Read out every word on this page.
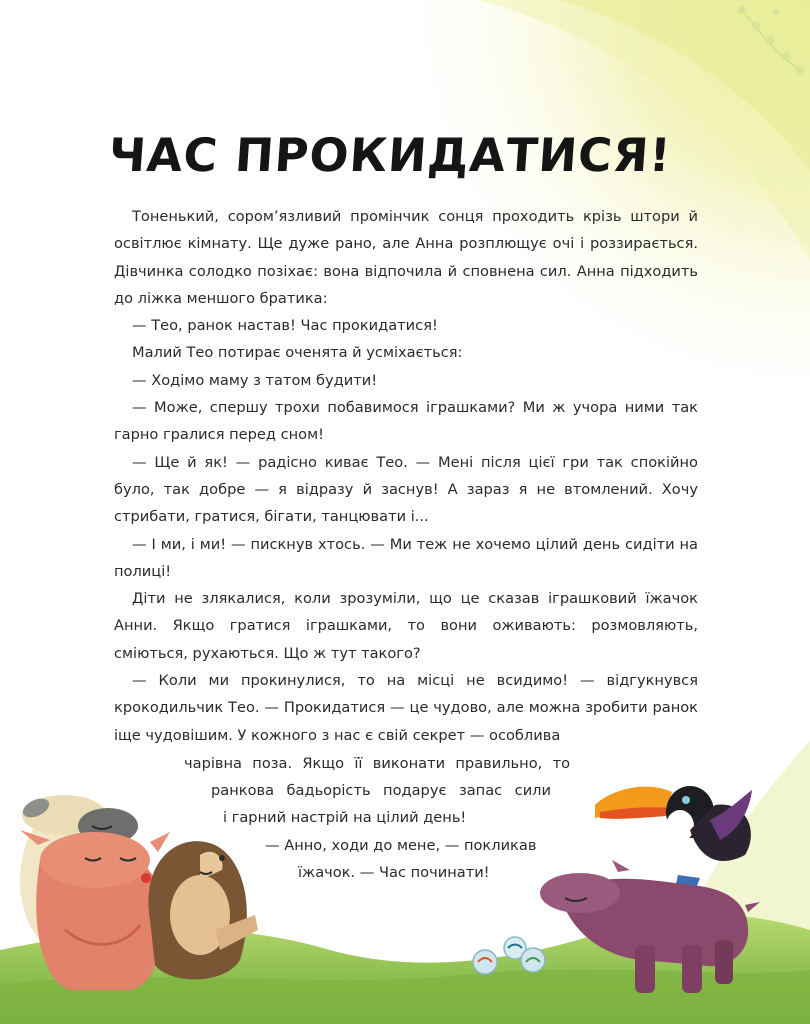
ЧАС ПРОКИДАТИСЯ!

Тоненький, сором’язливий промінчик сонця проходить крізь штори й освітлює кімнату. Ще дуже рано, але Анна розплющує очі і роззирається. Дівчинка солодко позіхає: вона відпочила й сповнена сил. Анна підходить до ліжка меншого братика:

— Тео, ранок настав! Час прокидатися!

Малий Тео потирає оченята й усміхається:

— Ходімо маму з татом будити!

— Може, спершу трохи побавимося іграшками? Ми ж учора ними так гарно гралися перед сном!

— Ще й як! — радісно киває Тео. — Мені після цієї гри так спокійно було, так добре — я відразу й заснув! А зараз я не втомлений. Хочу стрибати, гратися, бігати, танцювати і...

— І ми, і ми! — пискнув хтось. — Ми теж не хочемо цілий день сидіти на полиці!

Діти не злякалися, коли зрозуміли, що це сказав іграшковий їжачок Анни. Якщо гратися іграшками, то вони оживають: розмовляють, сміються, рухаються. Що ж тут такого?

— Коли ми прокинулися, то на місці не всидимо! — відгукнувся крокодильчик Тео. — Прокидатися — це чудово, але можна зробити ранок іще чудовішим. У кожного з нас є свій секрет — особлива

чарівна поза. Якщо її виконати правильно, то
ранкова бадьорість подарує запас сили
і гарний настрій на цілий день!
— Анно, ходи до мене, — покликав
їжачок. — Час починати!
